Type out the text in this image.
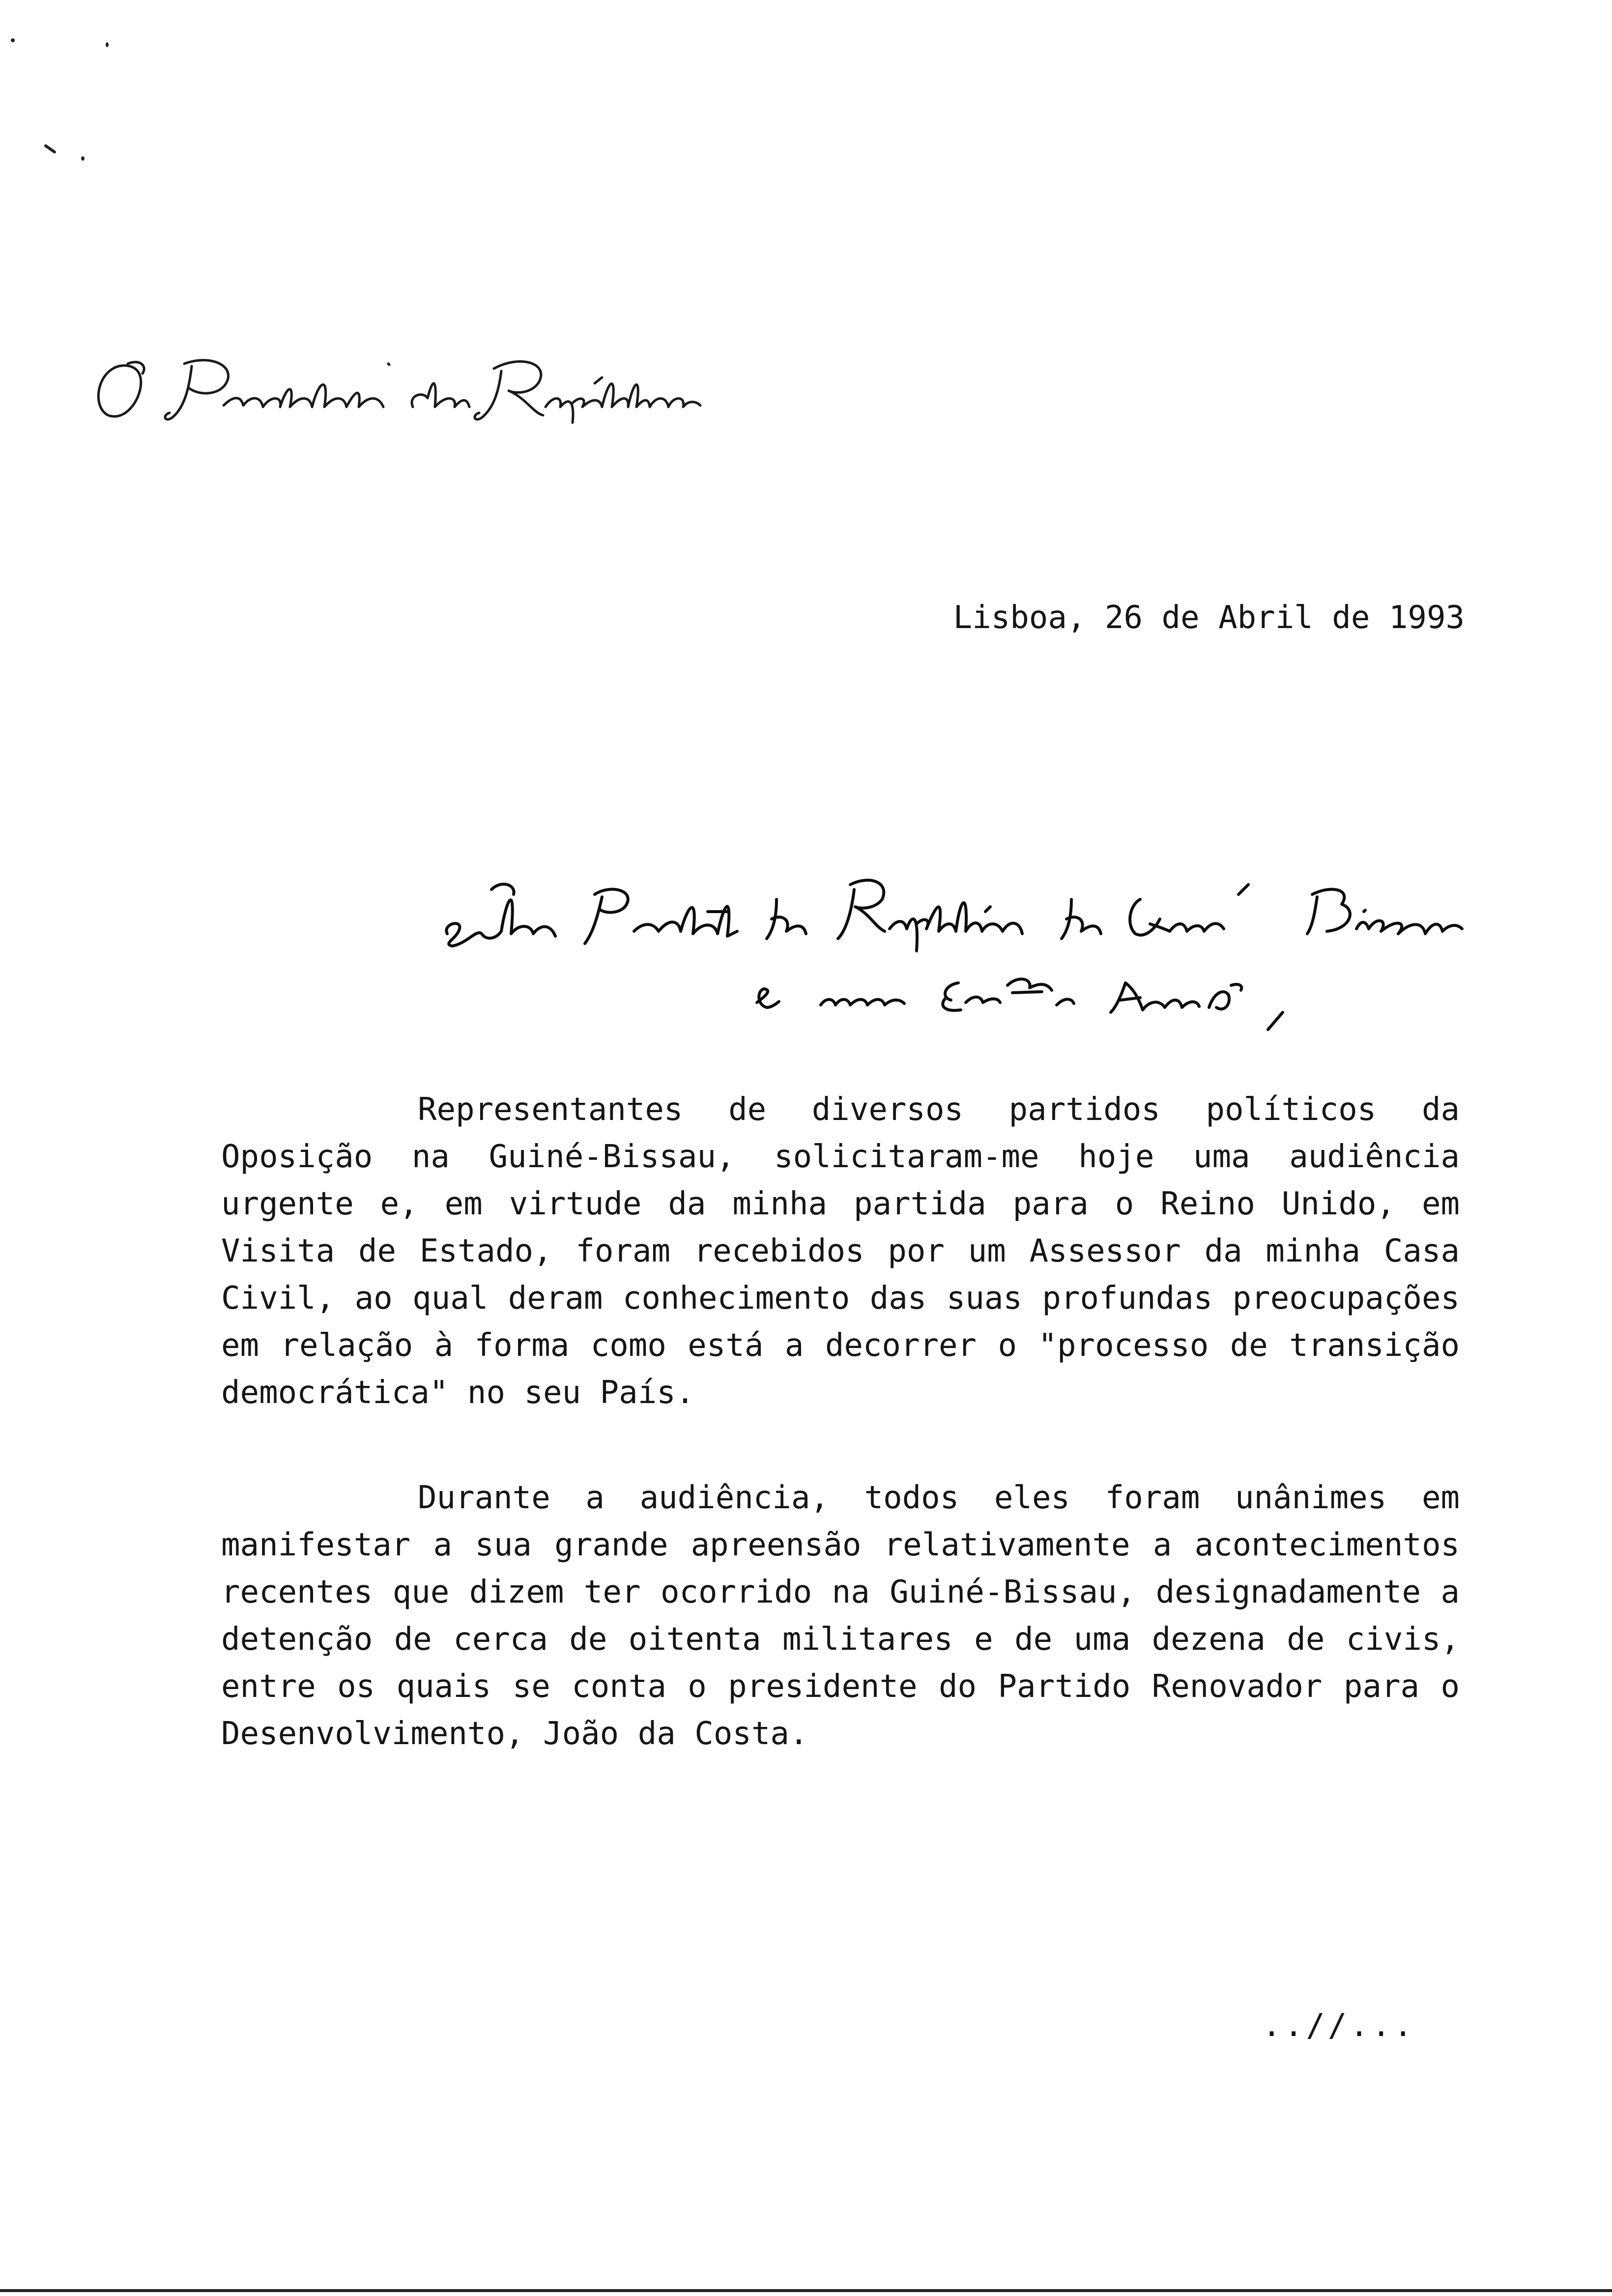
Lisboa, 26 de Abril de 1993

Representantes de diversos partidos políticos da Oposição na Guiné-Bissau, solicitaram-me hoje uma audiência urgente e, em virtude da minha partida para o Reino Unido, em Visita de Estado, foram recebidos por um Assessor da minha Casa Civil, ao qual deram conhecimento das suas profundas preocupações em relação à forma como está a decorrer o "processo de transição democrática" no seu País.

Durante a audiência, todos eles foram unânimes em manifestar a sua grande apreensão relativamente a acontecimentos recentes que dizem ter ocorrido na Guiné-Bissau, designadamente a detenção de cerca de oitenta militares e de uma dezena de civis, entre os quais se conta o presidente do Partido Renovador para o Desenvolvimento, João da Costa.

..//...
